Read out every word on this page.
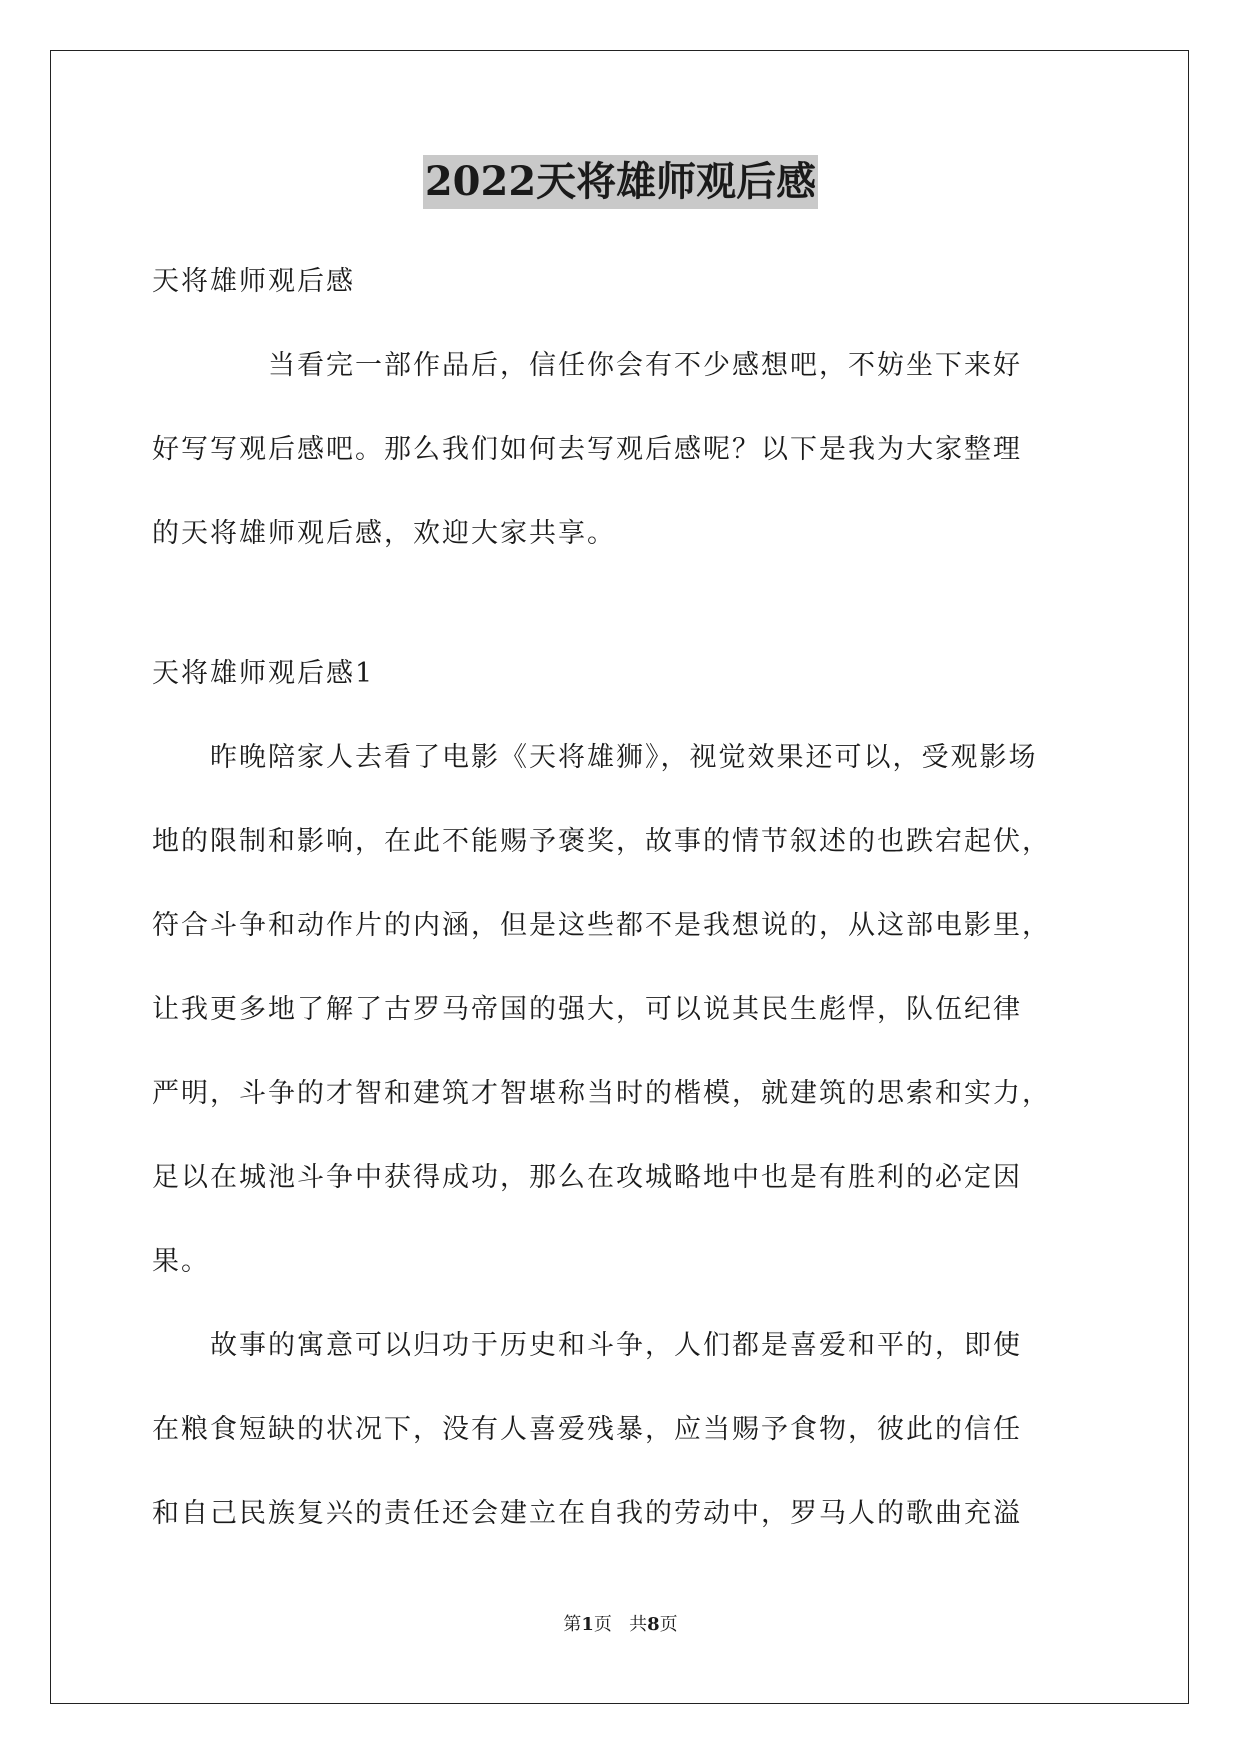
2022天将雄师观后感
天将雄师观后感
当看完一部作品后，信任你会有不少感想吧，不妨坐下来好
好写写观后感吧。那么我们如何去写观后感呢？以下是我为大家整理
的天将雄师观后感，欢迎大家共享。
天将雄师观后感1
昨晚陪家人去看了电影《天将雄狮》，视觉效果还可以，受观影场
地的限制和影响，在此不能赐予褒奖，故事的情节叙述的也跌宕起伏，
符合斗争和动作片的内涵，但是这些都不是我想说的，从这部电影里，
让我更多地了解了古罗马帝国的强大，可以说其民生彪悍，队伍纪律
严明，斗争的才智和建筑才智堪称当时的楷模，就建筑的思索和实力，
足以在城池斗争中获得成功，那么在攻城略地中也是有胜利的必定因
果。
故事的寓意可以归功于历史和斗争，人们都是喜爱和平的，即使
在粮食短缺的状况下，没有人喜爱残暴，应当赐予食物，彼此的信任
和自己民族复兴的责任还会建立在自我的劳动中，罗马人的歌曲充溢
第1页 共8页
